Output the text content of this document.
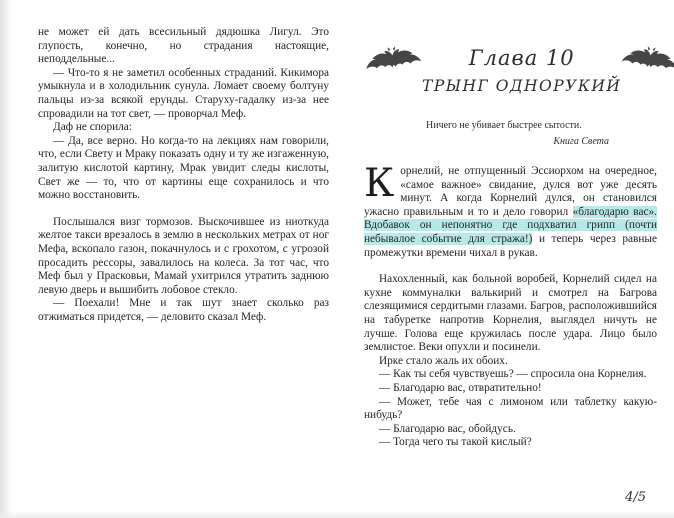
не может ей дать всесильный дядюшка Лигул. Это глупость, конечно, но страдания настоящие, неподдельные...

— Что-то я не заметил особенных страданий. Кикимора умыкнула и в холодильник сунула. Ломает своему болтуну пальцы из-за всякой ерунды. Старуху-гадалку из-за нее спровадили на тот свет, — проворчал Меф.

Даф не спорила:

— Да, все верно. Но когда-то на лекциях нам говорили, что, если Свету и Мраку показать одну и ту же изгаженную, залитую кислотой картину, Мрак увидит следы кислоты, Свет же — то, что от картины еще сохранилось и что можно восстановить.

Послышался визг тормозов. Выскочившее из ниоткуда желтое такси врезалось в землю в нескольких метрах от ног Мефа, вскопало газон, покачнулось и с грохотом, с угрозой просадить рессоры, завалилось на колеса. За тот час, что Меф был у Прасковьи, Мамай ухитрился утратить заднюю левую дверь и вышибить лобовое стекло.

— Поехали! Мне и так шут знает сколько раз отжиматься придется, — деловито сказал Меф.

Глава 10
ТРЫНГ ОДНОРУКИЙ
Ничего не убивает быстрее сытости.
Книга Света

Корнелий, не отпущенный Эссиорхом на очередное, «самое важное» свидание, дулся вот уже десять минут. А когда Корнелий дулся, он становился ужасно правильным и то и дело говорил «благодарю вас». Вдобавок он непонятно где подхватил грипп (почти небывалое событие для стража!) и теперь через равные промежутки времени чихал в рукав.

Нахохленный, как больной воробей, Корнелий сидел на кухне коммуналки валькирий и смотрел на Багрова слезящимися сердитыми глазами. Багров, расположившийся на табуретке напротив Корнелия, выглядел ничуть не лучше. Голова еще кружилась после удара. Лицо было землистое. Веки опухли и посинели.

Ирке стало жаль их обоих.

— Как ты себя чувствуешь? — спросила она Корнелия.

— Благодарю вас, отвратительно!

— Может, тебе чая с лимоном или таблетку какую-нибудь?

— Благодарю вас, обойдусь.

— Тогда чего ты такой кислый?

4/5
